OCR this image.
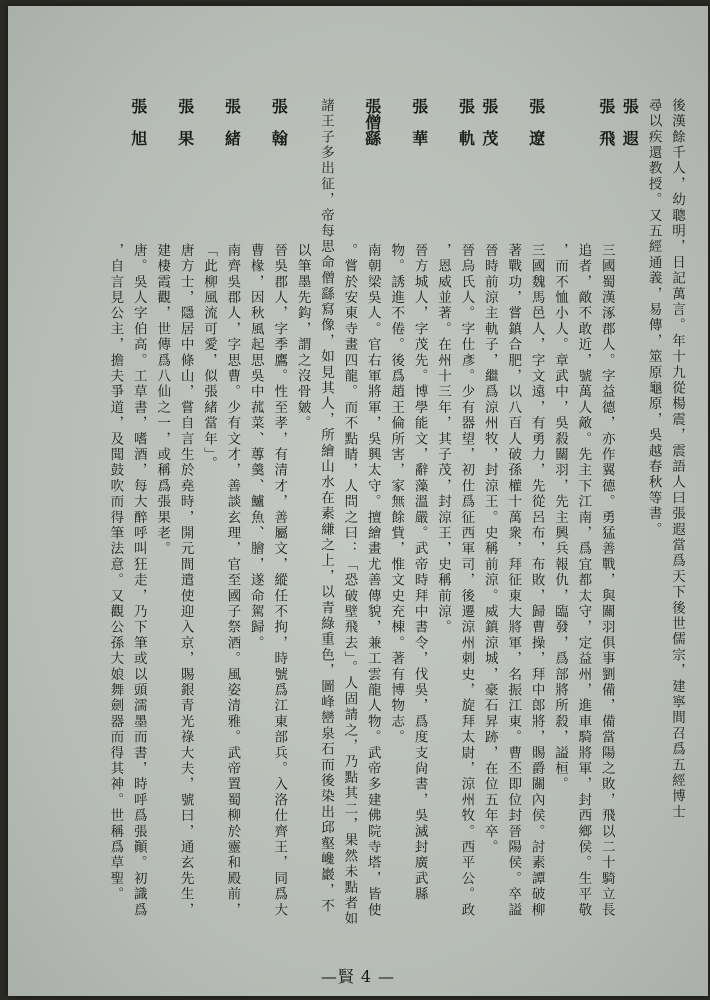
後漢餘千人，幼聰明，日記萬言。年十九從楊震，震語人曰張遐當爲天下後世儒宗，建寧間召爲五經博士
尋以疾還教授。又五經通義，易傳，筮原龜原，吳越春秋等書。
張　遐
張　飛
三國蜀漢涿郡人。字益德，亦作翼德。勇猛善戰，與關羽俱事劉備，備當陽之敗，飛以二十騎立長
追者，敵不敢近，號萬人敵。先主下江南，爲宜都太守，定益州，進車騎將軍，封西鄉侯。生平敬
，而不恤小人。章武中，吳殺關羽，先主興兵報仇，臨發，爲部將所殺，謚桓。
張　遼
三國魏馬邑人，字文遠，有勇力，先從呂布，布敗，歸曹操，拜中郎將，賜爵關內侯。討素譚破柳
著戰功，嘗鎮合肥，以八百人破孫權十萬衆，拜征東大將軍，名振江東。曹丕即位封晉陽侯。卒謚
張　茂
晉時前涼主軌子，繼爲涼州牧，封涼王。史稱前涼。威鎮涼城，豪石昇跡，在位五年卒。
張　軌
晉烏氏人。字仕彥。少有器望，初仕爲征西軍司，後遷涼州刺史，旋拜太尉，涼州牧。西平公。政
，恩威並著。在州十三年，其子茂，封涼王，史稱前涼。
張　華
晉方城人，字茂先。博學能文，辭藻溫嚴。武帝時拜中書令，伐吳，爲度支尙書，吳滅封廣武縣
物。誘進不倦。後爲趙王倫所害，家無餘貲，惟文史充棟。著有博物志。
張僧繇
南朝梁吳人。官右軍將軍，吳興太守。擅繪畫尤善傳貌，兼工雲龍人物。武帝多建佛院寺塔，皆使
。嘗於安東寺畫四龍。而不點睛，人問之曰：「恐破壁飛去」。人固請之，乃點其二，果然未點者如
諸王子多出征，帝每思命僧繇寫像，如見其人，所繪山水在素縑之上，以青綠重色，圖峰巒泉石而後染出邱壑巉巖，不
以筆墨先鈎，謂之沒骨皴。
張　翰
晉吳郡人，字季鷹。性至孝，有清才，善屬文，縱任不拘，時號爲江東部兵。入洛仕齊王，同爲大
曹椽，因秋風起思吳中菰菜、蓴羹、鱸魚、膾，遂命駕歸。
張　緒
南齊吳郡人，字思曹。少有文才，善談玄理，官至國子祭酒。風姿清雅。武帝置蜀柳於靈和殿前，
「此柳風流可愛，似張緒當年」。
張　果
唐方士，隱居中條山，嘗自言生於堯時，開元間遣使迎入京，賜銀青光祿大夫，號曰，通玄先生，
建棲霞觀，世傳爲八仙之一，或稱爲張果老。
張　旭
唐。吳人字伯高。工草書，嗜酒，每大醉呼叫狂走，乃下筆或以頭濡墨而書，時呼爲張顚。初識爲
，自言見公主，擔夫爭道，及聞鼓吹而得筆法意。又觀公孫大娘舞劍器而得其神。世稱爲草聖。
—賢 4 —
